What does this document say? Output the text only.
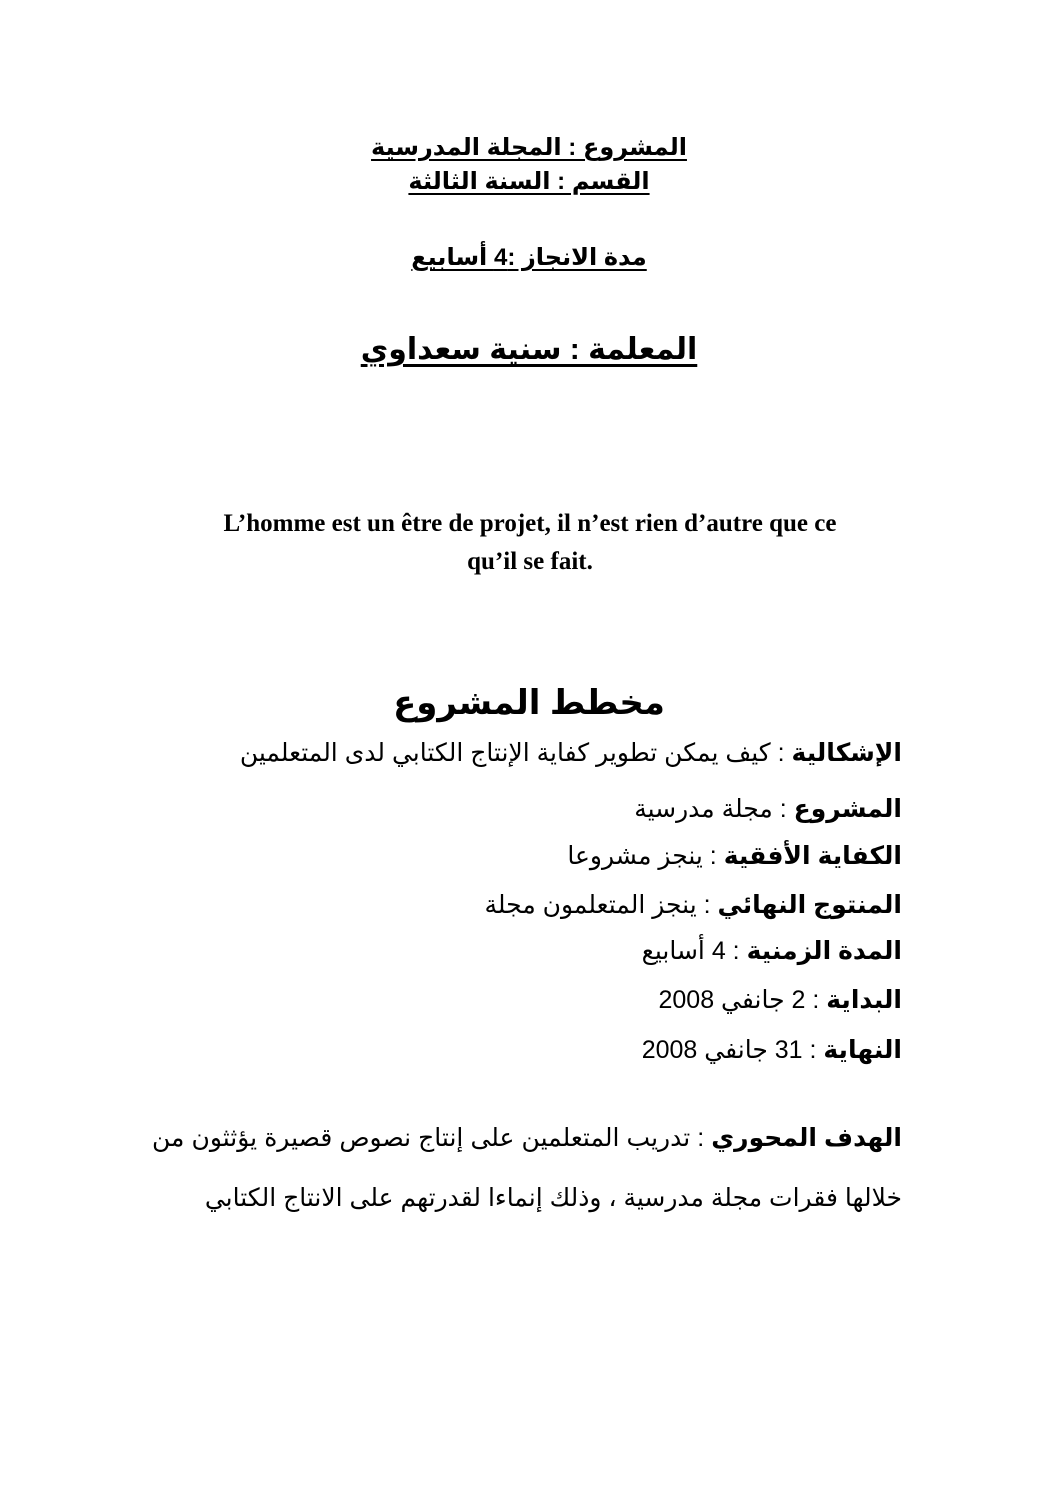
المشروع : المجلة المدرسية
القسم : السنة الثالثة
مدة الانجاز :4 أسابيع
المعلمة : سنية سعداوي
L’homme est un être de projet, il n’est rien d’autre que ce
qu’il se fait.
مخطط المشروع
الإشكالية : كيف يمكن تطوير كفاية الإنتاج الكتابي لدى المتعلمين
المشروع : مجلة مدرسية
الكفاية الأفقية : ينجز مشروعا
المنتوج النهائي : ينجز المتعلمون مجلة
المدة الزمنية : 4 أسابيع
البداية : 2 جانفي 2008
النهاية : 31 جانفي 2008
الهدف المحوري : تدريب المتعلمين على إنتاج نصوص قصيرة يؤثثون من خلالها فقرات مجلة مدرسية ، وذلك إنماءا لقدرتهم على الانتاج الكتابي
